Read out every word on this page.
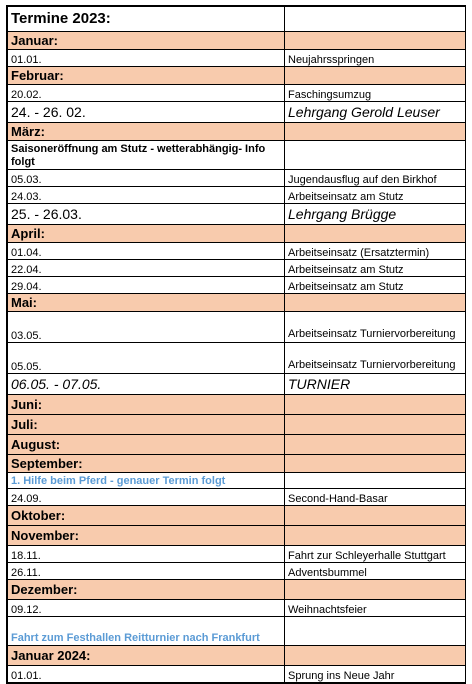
Termine 2023:	
Januar:	
01.01.	Neujahrsspringen
Februar:	
20.02.	Faschingsumzug
24. - 26. 02.	Lehrgang Gerold Leuser
März:	
Saisoneröffnung am Stutz - wetterabhängig- Info folgt	
05.03.	Jugendausflug auf den Birkhof
24.03.	Arbeitseinsatz am Stutz
25. - 26.03.	Lehrgang Brügge
April:	
01.04.	Arbeitseinsatz (Ersatztermin)
22.04.	Arbeitseinsatz am Stutz
29.04.	Arbeitseinsatz am Stutz
Mai:	
03.05.	Arbeitseinsatz Turniervorbereitung
05.05.	Arbeitseinsatz Turniervorbereitung
06.05. - 07.05.	TURNIER
Juni:	
Juli:	
August:	
September:	
1. Hilfe beim Pferd - genauer Termin folgt	
24.09.	Second-Hand-Basar
Oktober:	
November:	
18.11.	Fahrt zur Schleyerhalle Stuttgart
26.11.	Adventsbummel
Dezember:	
09.12.	Weihnachtsfeier
Fahrt zum Festhallen Reitturnier nach Frankfurt	
Januar 2024:	
01.01.	Sprung ins Neue Jahr
